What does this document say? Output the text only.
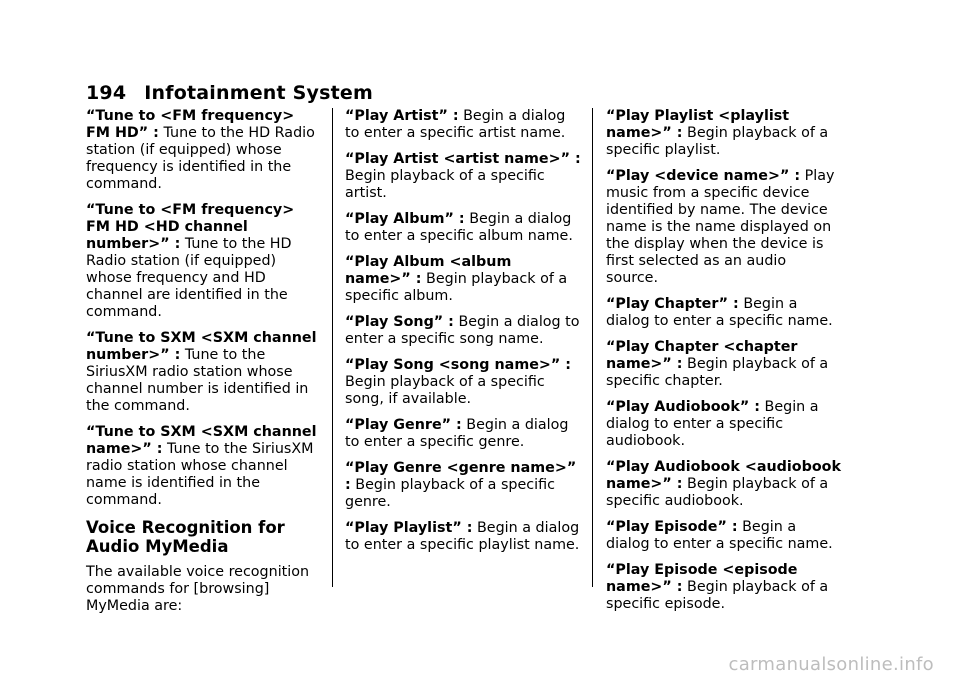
194 Infotainment System
“Tune to <FM frequency> FM HD” : Tune to the HD Radio station (if equipped) whose frequency is identified in the command.
“Tune to <FM frequency> FM HD <HD channel number>” : Tune to the HD Radio station (if equipped) whose frequency and HD channel are identified in the command.
“Tune to SXM <SXM channel number>” : Tune to the SiriusXM radio station whose channel number is identified in the command.
“Tune to SXM <SXM channel name>” : Tune to the SiriusXM radio station whose channel name is identified in the command.
Voice Recognition for Audio MyMedia
The available voice recognition commands for [browsing] MyMedia are:
“Play Artist” : Begin a dialog to enter a specific artist name.
“Play Artist <artist name>” : Begin playback of a specific artist.
“Play Album” : Begin a dialog to enter a specific album name.
“Play Album <album name>” : Begin playback of a specific album.
“Play Song” : Begin a dialog to enter a specific song name.
“Play Song <song name>” : Begin playback of a specific song, if available.
“Play Genre” : Begin a dialog to enter a specific genre.
“Play Genre <genre name>” : Begin playback of a specific genre.
“Play Playlist” : Begin a dialog to enter a specific playlist name.
“Play Playlist <playlist name>” : Begin playback of a specific playlist.
“Play <device name>” : Play music from a specific device identified by name. The device name is the name displayed on the display when the device is first selected as an audio source.
“Play Chapter” : Begin a dialog to enter a specific name.
“Play Chapter <chapter name>” : Begin playback of a specific chapter.
“Play Audiobook” : Begin a dialog to enter a specific audiobook.
“Play Audiobook <audiobook name>” : Begin playback of a specific audiobook.
“Play Episode” : Begin a dialog to enter a specific name.
“Play Episode <episode name>” : Begin playback of a specific episode.
carmanualsonline.info
